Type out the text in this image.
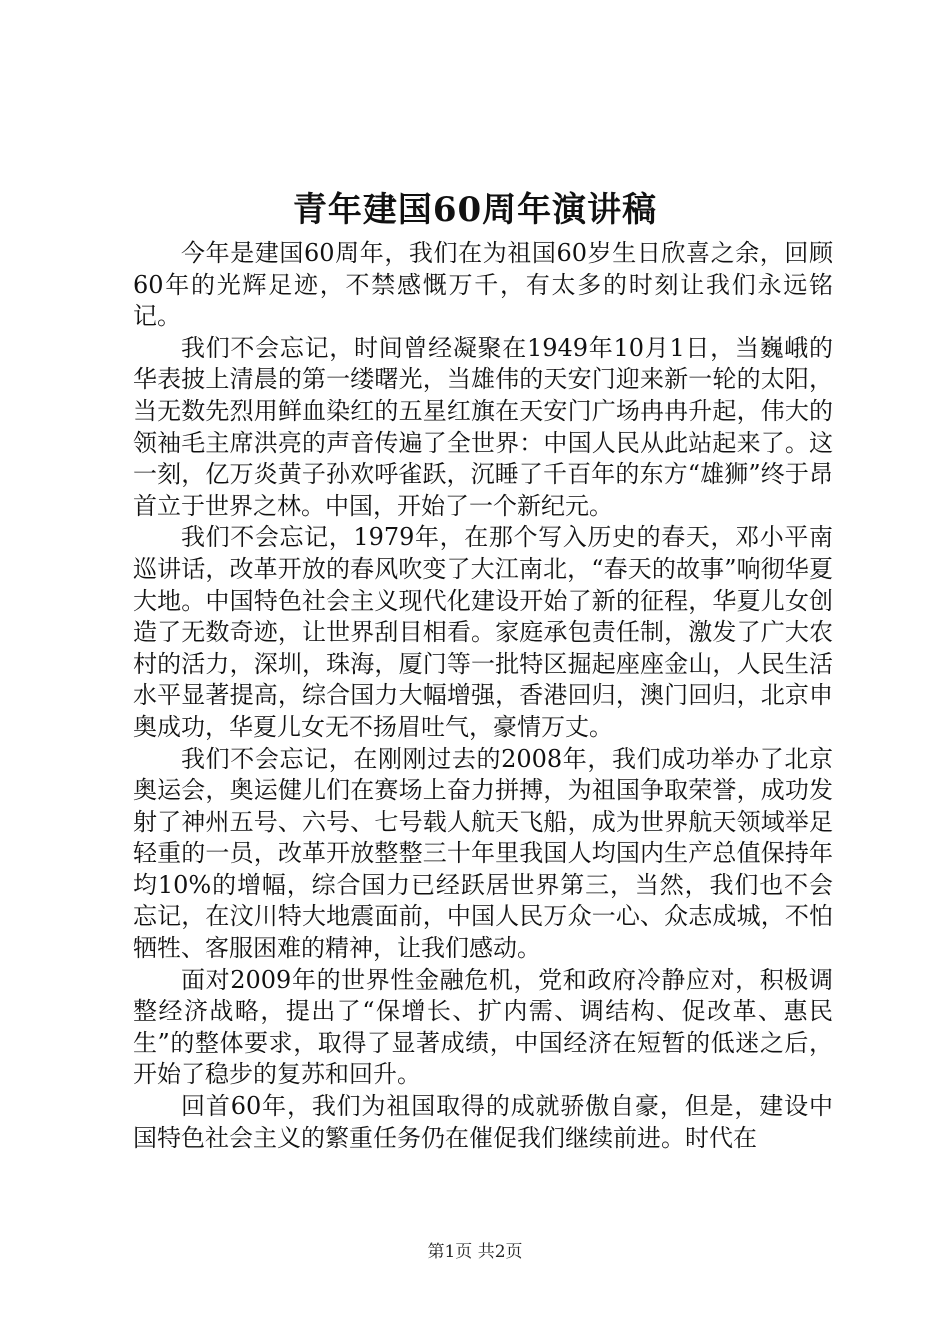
青年建国60周年演讲稿

今年是建国60周年，我们在为祖国60岁生日欣喜之余，回顾60年的光辉足迹，不禁感慨万千，有太多的时刻让我们永远铭记。

我们不会忘记，时间曾经凝聚在1949年10月1日，当巍峨的华表披上清晨的第一缕曙光，当雄伟的天安门迎来新一轮的太阳，当无数先烈用鲜血染红的五星红旗在天安门广场冉冉升起，伟大的领袖毛主席洪亮的声音传遍了全世界：中国人民从此站起来了。这一刻，亿万炎黄子孙欢呼雀跃，沉睡了千百年的东方“雄狮”终于昂首立于世界之林。中国，开始了一个新纪元。

我们不会忘记，1979年，在那个写入历史的春天，邓小平南巡讲话，改革开放的春风吹变了大江南北，“春天的故事”响彻华夏大地。中国特色社会主义现代化建设开始了新的征程，华夏儿女创造了无数奇迹，让世界刮目相看。家庭承包责任制，激发了广大农村的活力，深圳，珠海，厦门等一批特区掘起座座金山，人民生活水平显著提高，综合国力大幅增强，香港回归，澳门回归，北京申奥成功，华夏儿女无不扬眉吐气，豪情万丈。

我们不会忘记，在刚刚过去的2008年，我们成功举办了北京奥运会，奥运健儿们在赛场上奋力拼搏，为祖国争取荣誉，成功发射了神州五号、六号、七号载人航天飞船，成为世界航天领域举足轻重的一员，改革开放整整三十年里我国人均国内生产总值保持年均10%的增幅，综合国力已经跃居世界第三，当然，我们也不会忘记，在汶川特大地震面前，中国人民万众一心、众志成城，不怕牺牲、客服困难的精神，让我们感动。

面对2009年的世界性金融危机，党和政府冷静应对，积极调整经济战略，提出了“保增长、扩内需、调结构、促改革、惠民生”的整体要求，取得了显著成绩，中国经济在短暂的低迷之后，开始了稳步的复苏和回升。

回首60年，我们为祖国取得的成就骄傲自豪，但是，建设中国特色社会主义的繁重任务仍在催促我们继续前进。时代在

第1页 共2页
